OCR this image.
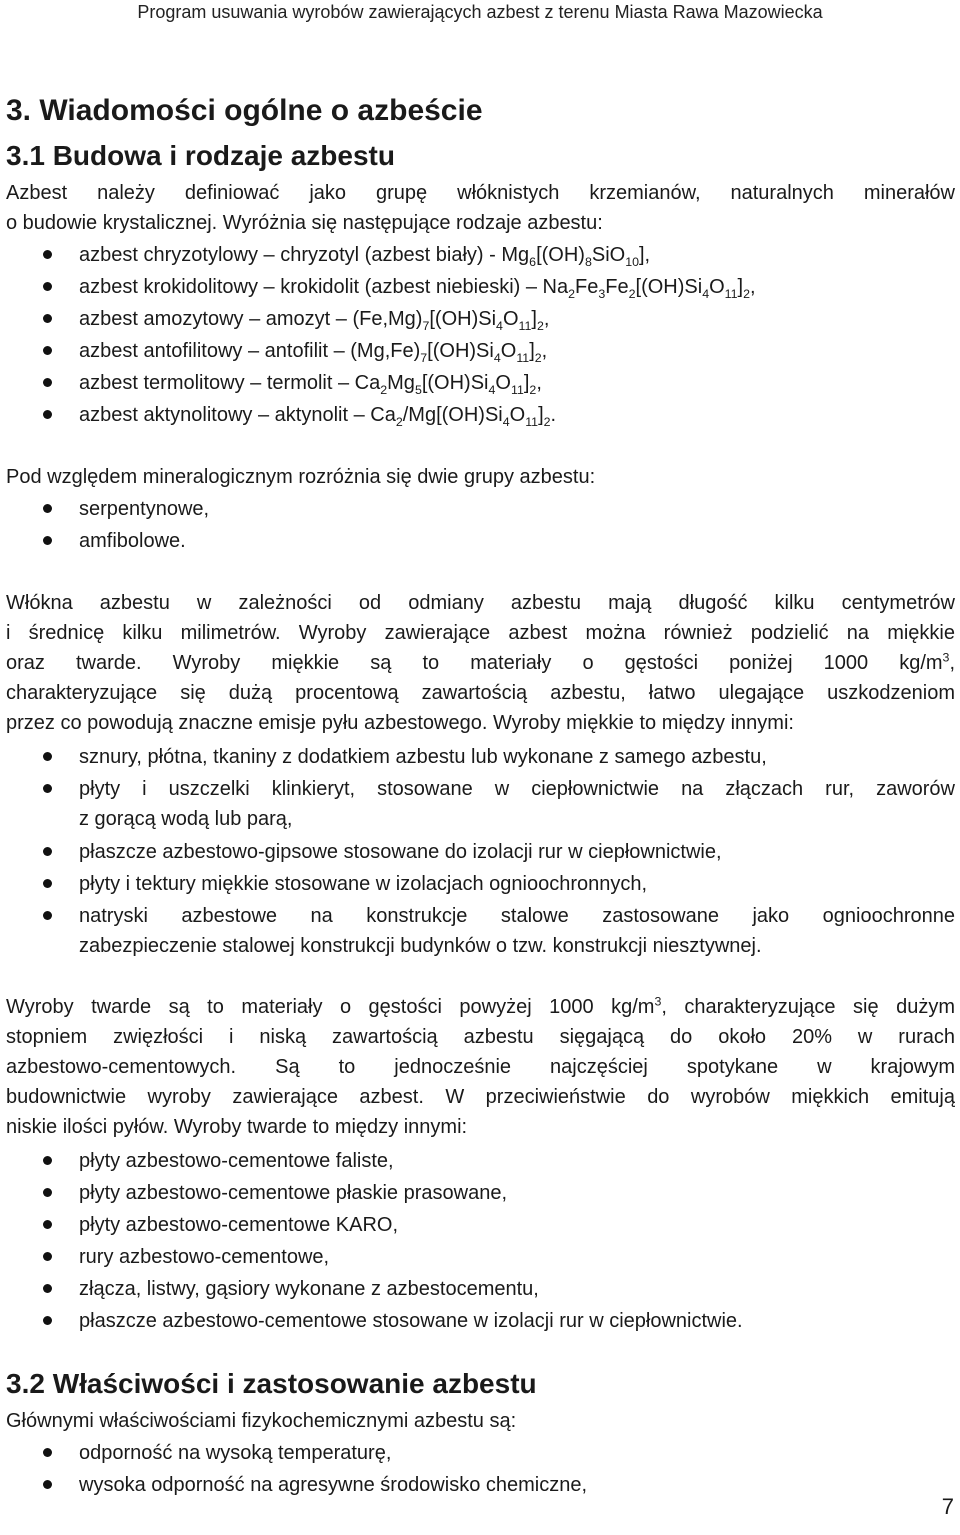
Program usuwania wyrobów zawierających azbest z terenu Miasta Rawa Mazowiecka
3. Wiadomości ogólne o azbeście
3.1 Budowa i rodzaje azbestu
Azbest należy definiować jako grupę włóknistych krzemianów, naturalnych minerałów
o budowie krystalicznej. Wyróżnia się następujące rodzaje azbestu:
azbest chryzotylowy – chryzotyl (azbest biały) - $Mg_6[(OH)_8SiO_{10}]$,
azbest krokidolitowy – krokidolit (azbest niebieski) – $Na_2Fe_3Fe_2[(OH)Si_4O_{11}]_2$,
azbest amozytowy – amozyt – $(Fe,Mg)_7[(OH)Si_4O_{11}]_2$,
azbest antofilitowy – antofilit – $(Mg,Fe)_7[(OH)Si_4O_{11}]_2$,
azbest termolitowy – termolit – $Ca_2Mg_5[(OH)Si_4O_{11}]_2$,
azbest aktynolitowy – aktynolit – $Ca_2/Mg[(OH)Si_4O_{11}]_2$.
Pod względem mineralogicznym rozróżnia się dwie grupy azbestu:
serpentynowe,
amfibolowe.
Włókna azbestu w zależności od odmiany azbestu mają długość kilku centymetrów
i średnicę kilku milimetrów. Wyroby zawierające azbest można również podzielić na miękkie
oraz twarde. Wyroby miękkie są to materiały o gęstości poniżej 1000 $kg/m^3$,
charakteryzujące się dużą procentową zawartością azbestu, łatwo ulegające uszkodzeniom
przez co powodują znaczne emisje pyłu azbestowego. Wyroby miękkie to między innymi:
sznury, płótna, tkaniny z dodatkiem azbestu lub wykonane z samego azbestu,
płyty i uszczelki klinkieryt, stosowane w ciepłownictwie na złączach rur, zaworów
z gorącą wodą lub parą,
płaszcze azbestowo-gipsowe stosowane do izolacji rur w ciepłownictwie,
płyty i tektury miękkie stosowane w izolacjach ognioochronnych,
natryski azbestowe na konstrukcje stalowe zastosowane jako ognioochronne
zabezpieczenie stalowej konstrukcji budynków o tzw. konstrukcji niesztywnej.
Wyroby twarde są to materiały o gęstości powyżej 1000 $kg/m^3$, charakteryzujące się dużym
stopniem zwięzłości i niską zawartością azbestu sięgającą do około 20% w rurach
azbestowo-cementowych. Są to jednocześnie najczęściej spotykane w krajowym
budownictwie wyroby zawierające azbest. W przeciwieństwie do wyrobów miękkich emitują
niskie ilości pyłów. Wyroby twarde to między innymi:
płyty azbestowo-cementowe faliste,
płyty azbestowo-cementowe płaskie prasowane,
płyty azbestowo-cementowe KARO,
rury azbestowo-cementowe,
złącza, listwy, gąsiory wykonane z azbestocementu,
płaszcze azbestowo-cementowe stosowane w izolacji rur w ciepłownictwie.
3.2 Właściwości i zastosowanie azbestu
Głównymi właściwościami fizykochemicznymi azbestu są:
odporność na wysoką temperaturę,
wysoka odporność na agresywne środowisko chemiczne,
7
